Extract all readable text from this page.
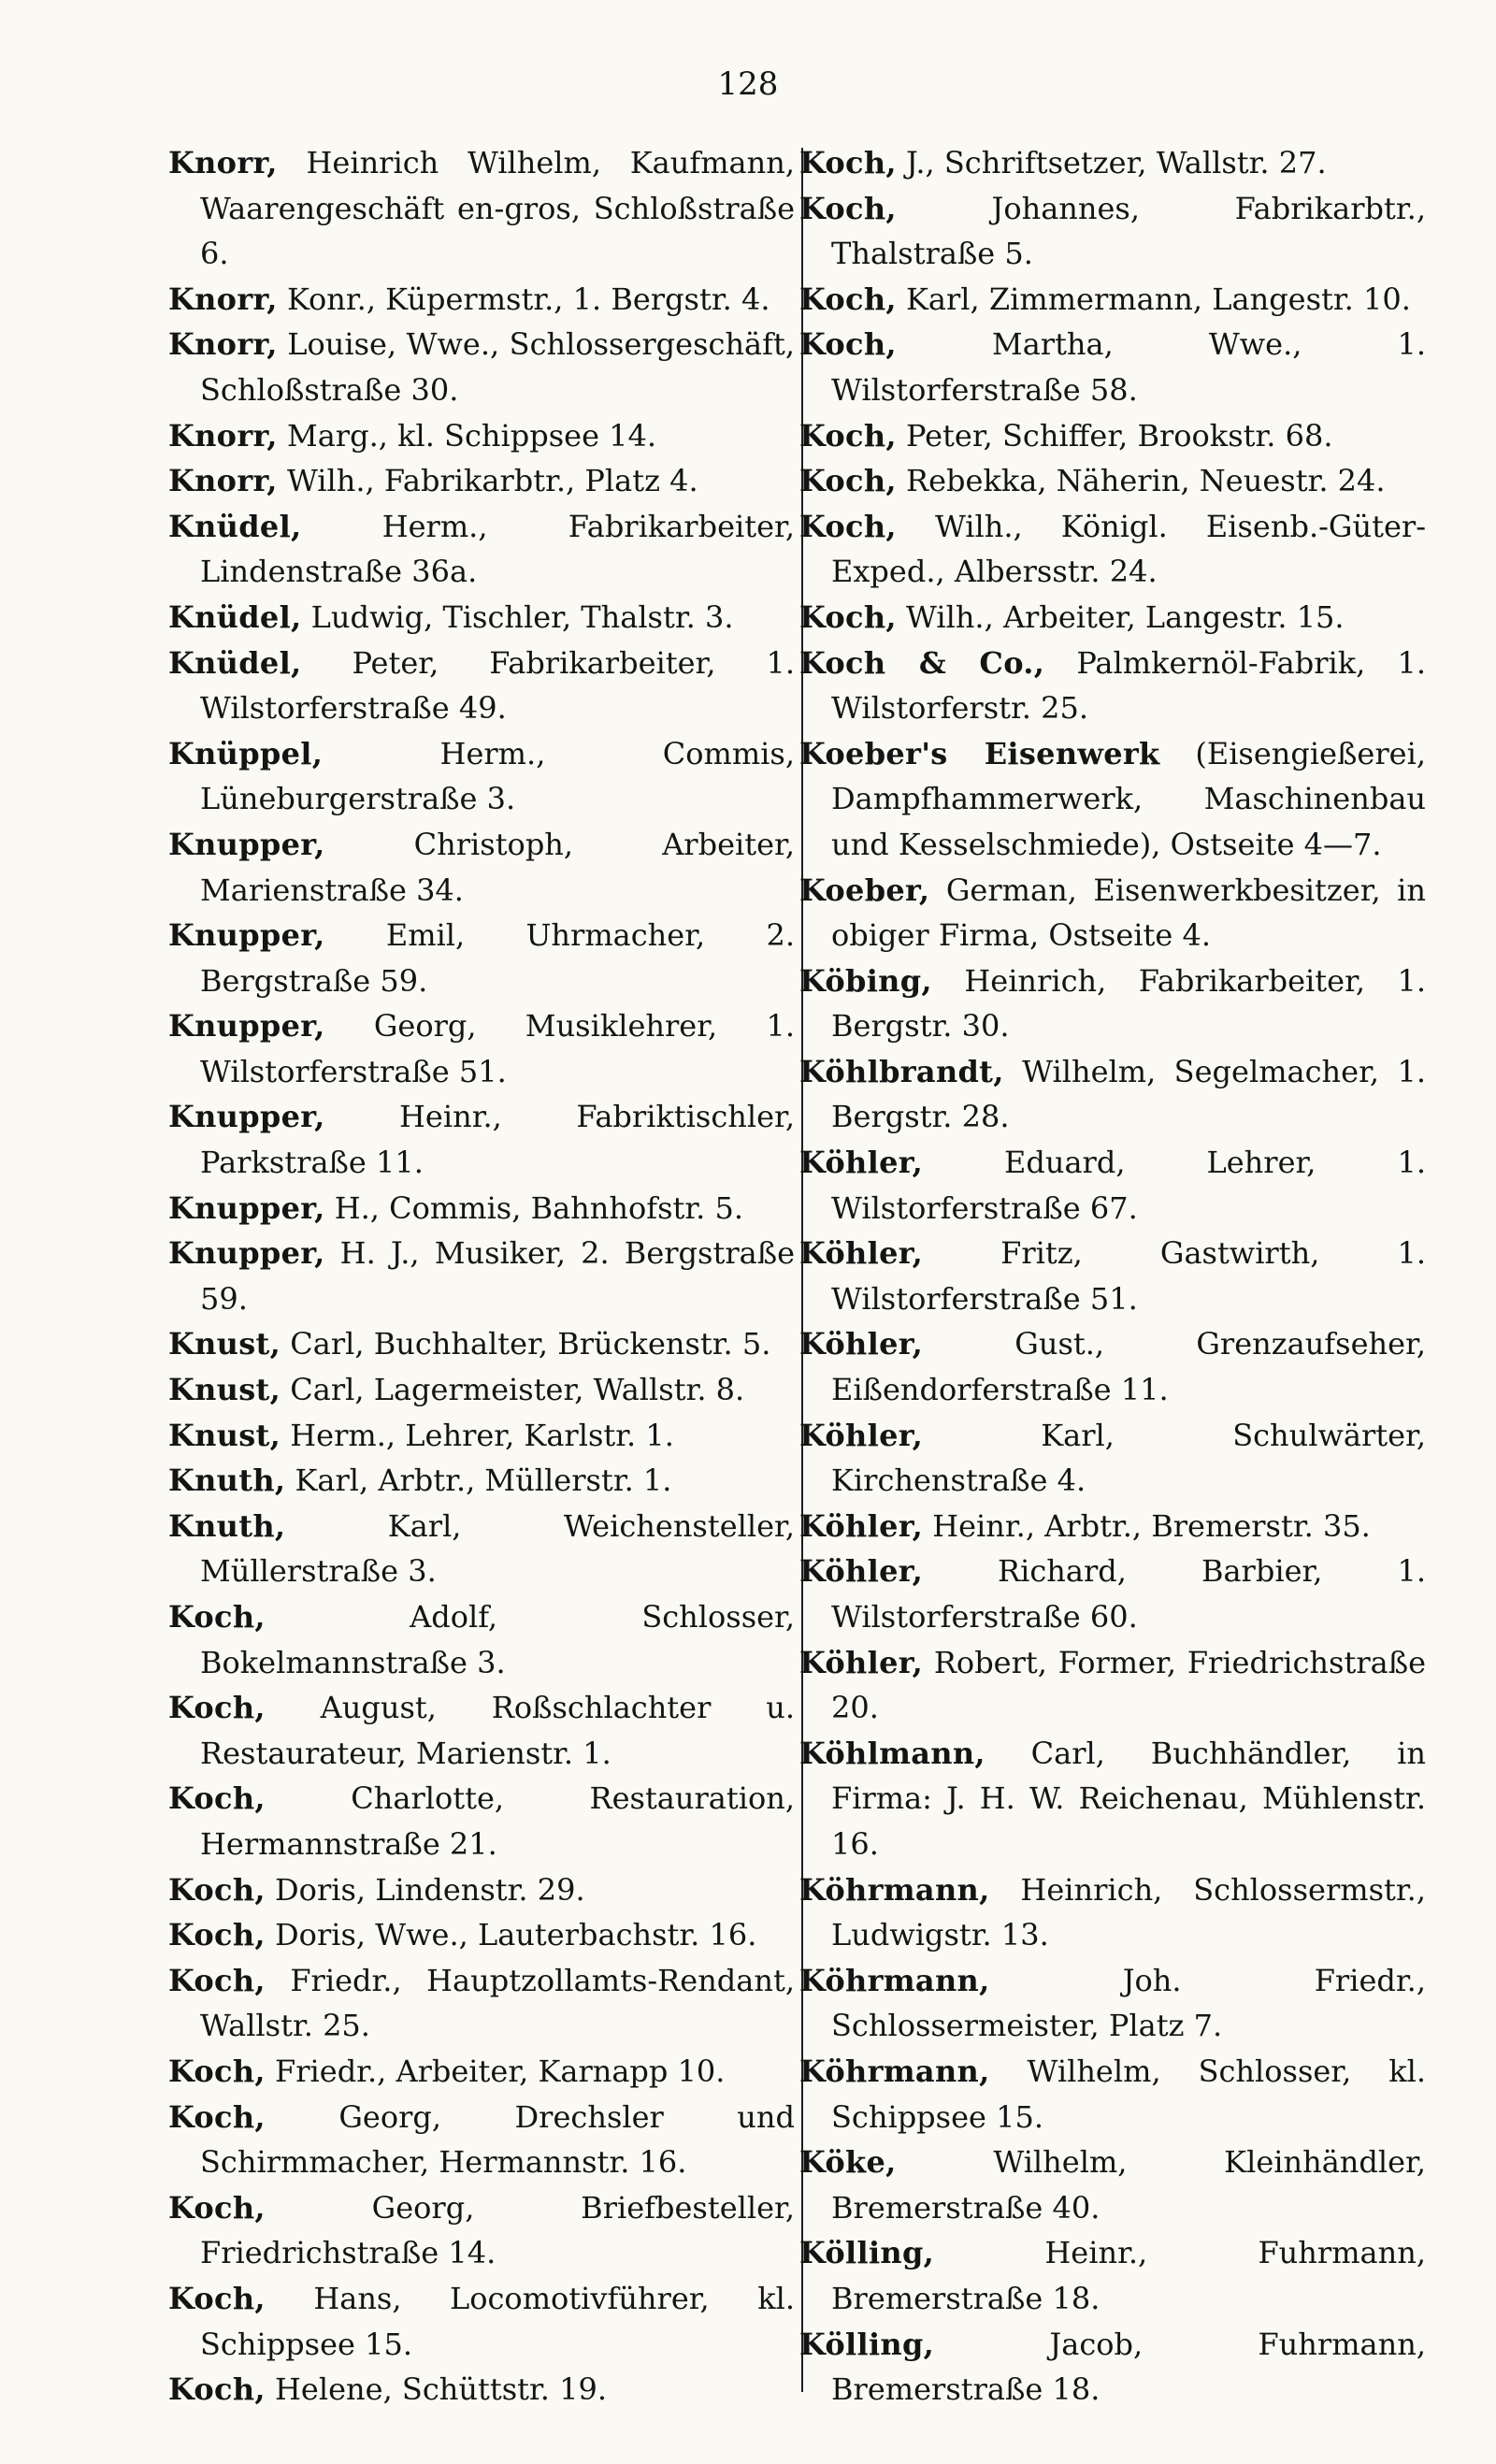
128

Knorr, Heinrich Wilhelm, Kaufmann, Waarengeschäft en-gros, Schloßstraße 6.

Knorr, Konr., Küpermstr., 1. Bergstr. 4.

Knorr, Louise, Wwe., Schlossergeschäft, Schloßstraße 30.

Knorr, Marg., kl. Schippsee 14.

Knorr, Wilh., Fabrikarbtr., Platz 4.

Knüdel,	Herm., Fabrikarbeiter, Lindenstraße 36a.

Knüdel, Ludwig, Tischler, Thalstr. 3.

Knüdel, Peter, Fabrikarbeiter, 1. Wilstorferstraße 49.

Knüppel,	Herm., Commis, Lüneburgerstraße 3.

Knupper,	Christoph, Arbeiter, Marienstraße 34.

Knupper, Emil, Uhrmacher, 2. Bergstraße 59.

Knupper, Georg, Musiklehrer, 1. Wilstorferstraße 51.

Knupper, Heinr., Fabriktischler, Parkstraße 11.

Knupper, H., Commis, Bahnhofstr. 5.

Knupper, H. J., Musiker, 2. Bergstraße 59.

Knust, Carl, Buchhalter, Brückenstr. 5.

Knust, Carl, Lagermeister, Wallstr. 8.

Knust, Herm., Lehrer, Karlstr. 1.

Knuth, Karl, Arbtr., Müllerstr. 1.

Knuth,	Karl, Weichensteller, Müllerstraße 3.

Koch,	Adolf, Schlosser, Bokelmannstraße 3.

Koch, August, Roßschlachter u. Restaurateur, Marienstr. 1.

Koch,	Charlotte, Restauration, Hermannstraße 21.

Koch, Doris, Lindenstr. 29.

Koch, Doris, Wwe., Lauterbachstr. 16.

Koch, Friedr., Hauptzollamts-Rendant, Wallstr. 25.

Koch, Friedr., Arbeiter, Karnapp 10.

Koch, Georg, Drechsler und Schirmmacher, Hermannstr. 16.

Koch,	Georg, Briefbesteller, Friedrichstraße 14.

Koch, Hans, Locomotivführer, kl. Schippsee 15.

Koch, Helene, Schüttstr. 19.

Koch, J., Schriftsetzer, Wallstr. 27.

Koch,	Johannes, Fabrikarbtr., Thalstraße 5.

Koch, Karl, Zimmermann, Langestr. 10.

Koch,	Martha, Wwe., 1. Wilstorferstraße 58.

Koch, Peter, Schiffer, Brookstr. 68.

Koch, Rebekka, Näherin, Neuestr. 24.

Koch, Wilh., Königl. Eisenb.-Güter-Exped., Albersstr. 24.

Koch, Wilh., Arbeiter, Langestr. 15.

Koch & Co., Palmkernöl-Fabrik, 1. Wilstorferstr. 25.

Koeber's Eisenwerk (Eisengießerei, Dampfhammerwerk, Maschinenbau und Kesselschmiede), Ostseite 4—7.

Koeber, German, Eisenwerkbesitzer, in obiger Firma, Ostseite 4.

Köbing, Heinrich, Fabrikarbeiter, 1. Bergstr. 30.

Köhlbrandt, Wilhelm, Segelmacher, 1. Bergstr. 28.

Köhler,	Eduard, Lehrer, 1. Wilstorferstraße 67.

Köhler,	Fritz, Gastwirth, 1. Wilstorferstraße 51.

Köhler,	Gust., Grenzaufseher, Eißendorferstraße 11.

Köhler,	Karl, Schulwärter, Kirchenstraße 4.

Köhler, Heinr., Arbtr., Bremerstr. 35.

Köhler,	Richard, Barbier, 1. Wilstorferstraße 60.

Köhler, Robert, Former, Friedrichstraße 20.

Köhlmann, Carl, Buchhändler, in Firma: J. H. W. Reichenau, Mühlenstr. 16.

Köhrmann, Heinrich, Schlossermstr., Ludwigstr. 13.

Köhrmann,	Joh. Friedr., Schlossermeister, Platz 7.

Köhrmann, Wilhelm, Schlosser, kl. Schippsee 15.

Köke,	Wilhelm, Kleinhändler, Bremerstraße 40.

Kölling,	Heinr., Fuhrmann, Bremerstraße 18.

Kölling,	Jacob, Fuhrmann, Bremerstraße 18.
